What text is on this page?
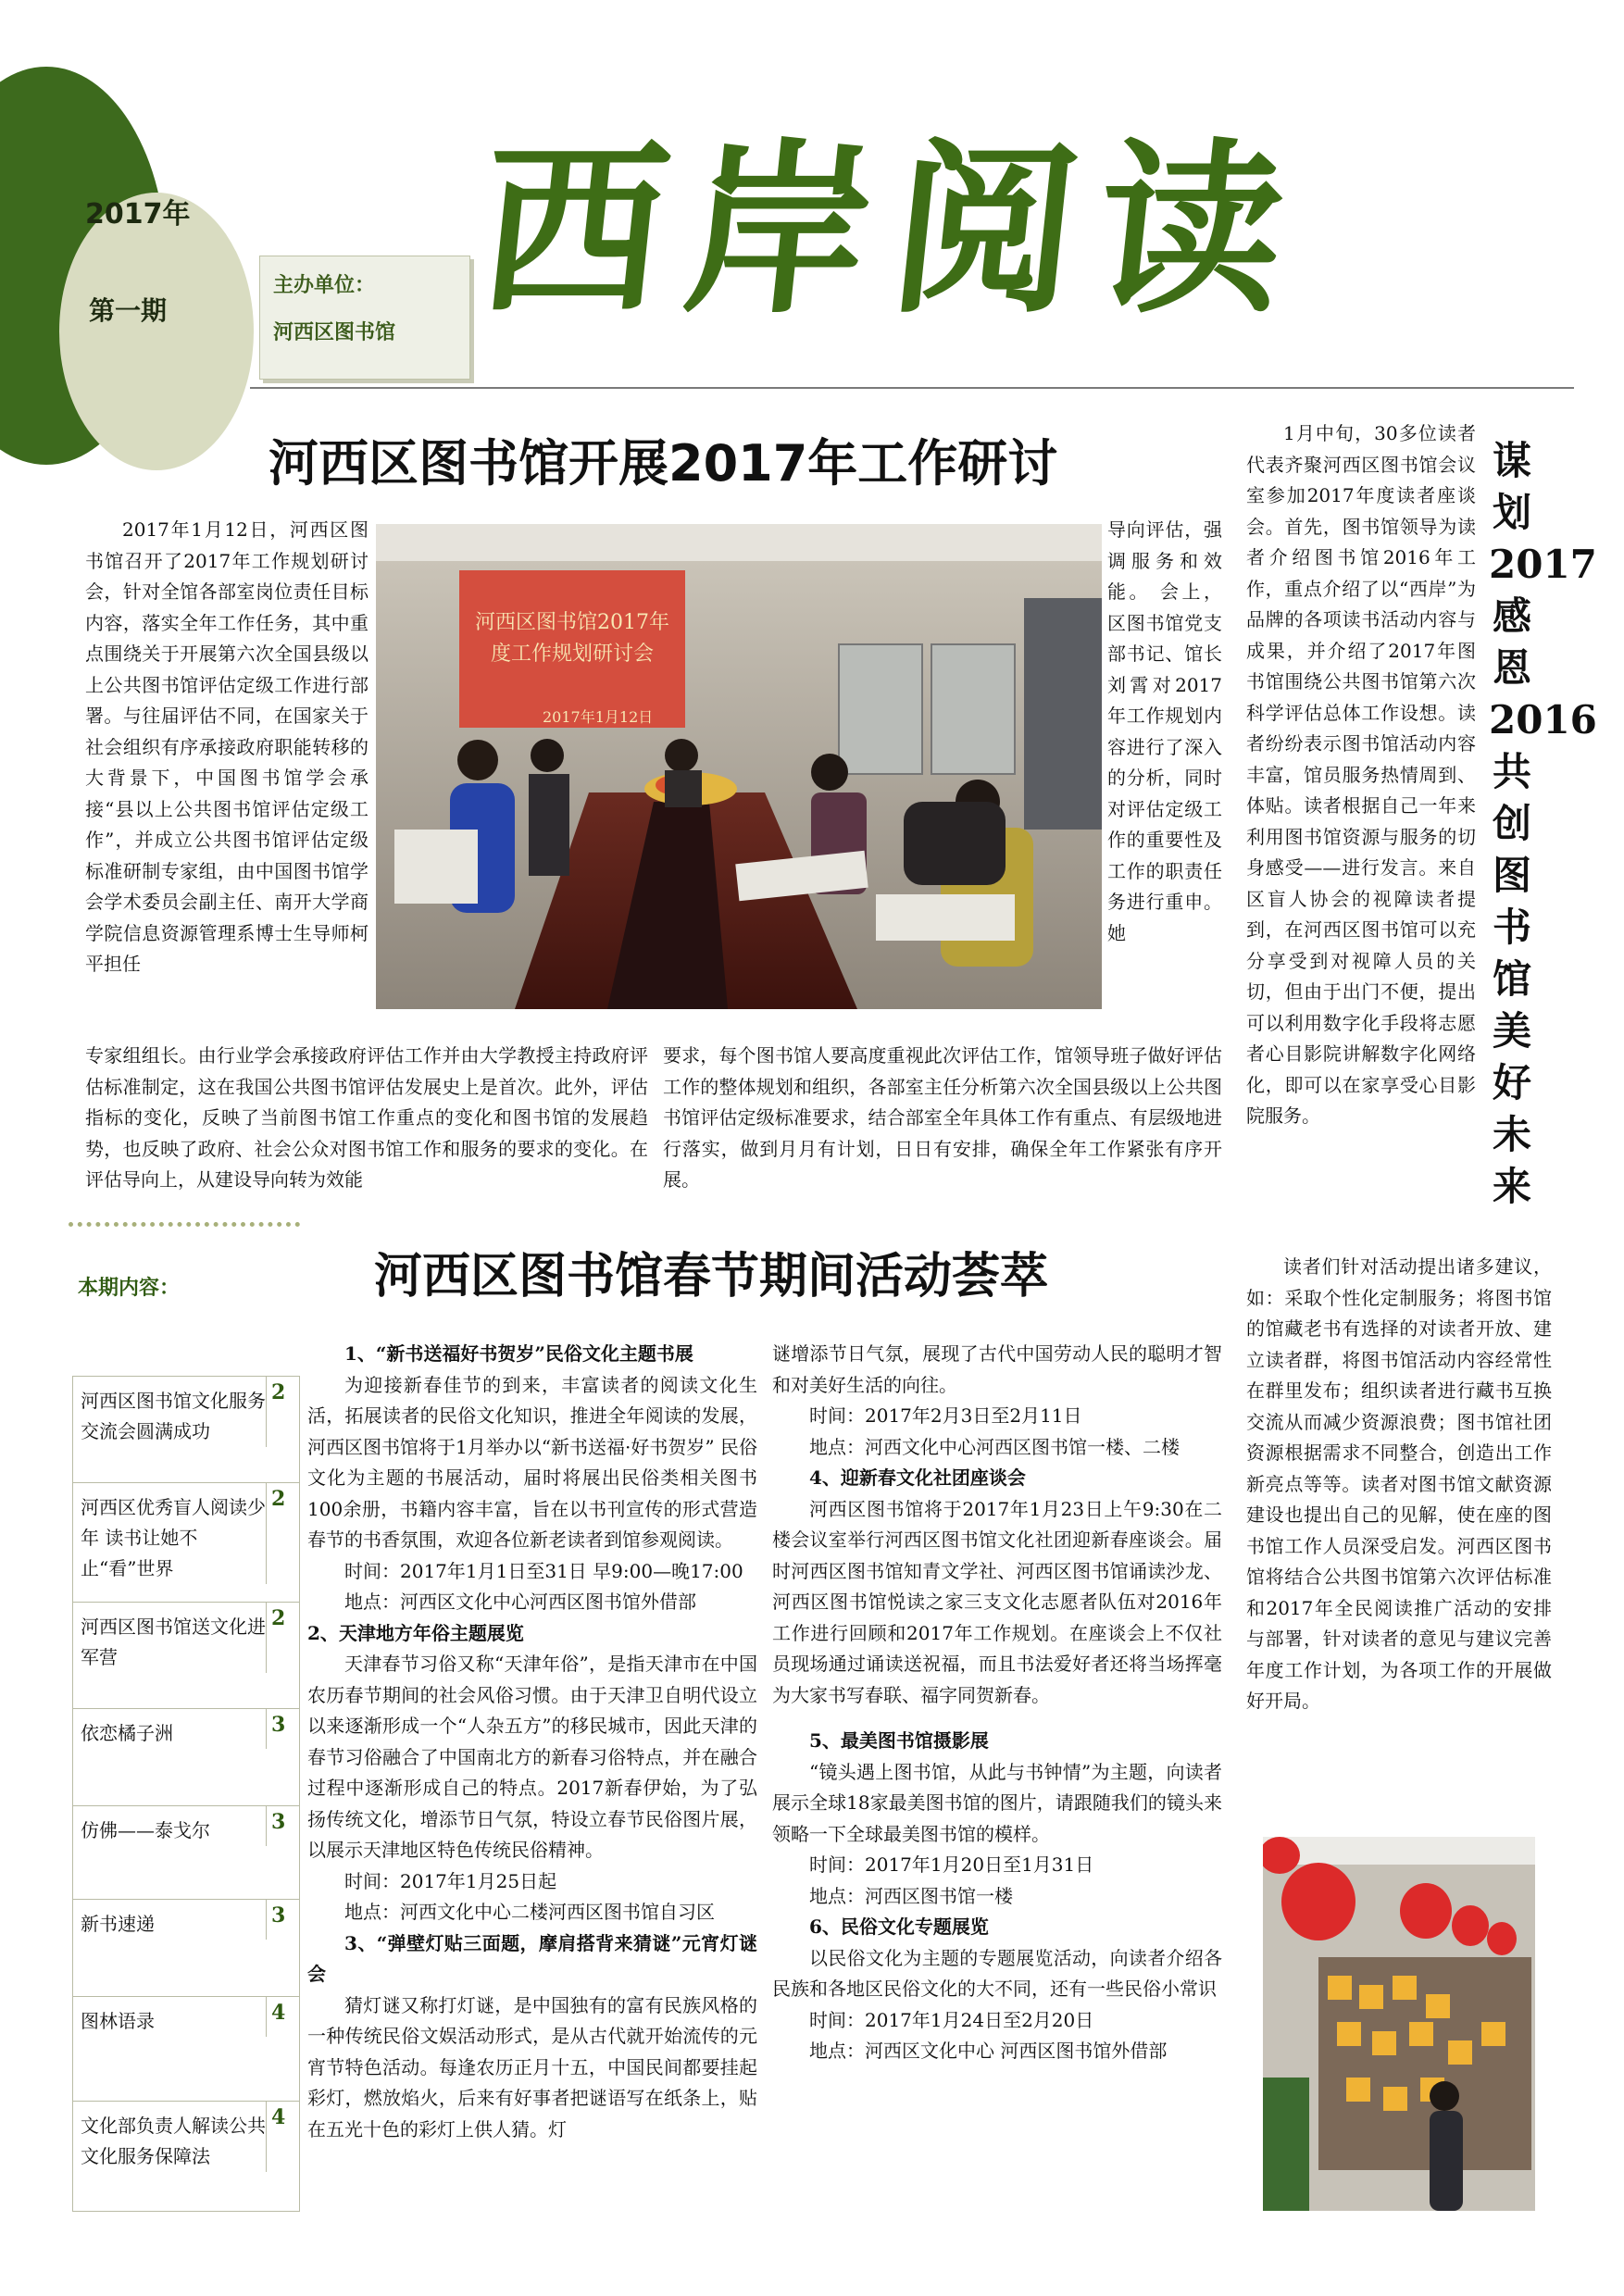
2017年
第一期
主办单位：
河西区图书馆 西岸阅读
河西区图书馆开展2017年工作研讨

2017年1月12日，河西区图书馆召开了2017年工作规划研讨会，针对全馆各部室岗位责任目标内容，落实全年工作任务，其中重点围绕关于开展第六次全国县级以上公共图书馆评估定级工作进行部署。与往届评估不同，在国家关于社会组织有序承接政府职能转移的大背景下，中国图书馆学会承接“县以上公共图书馆评估定级工作”，并成立公共图书馆评估定级标准研制专家组，由中国图书馆学会学术委员会副主任、南开大学商学院信息资源管理系博士生导师柯平担任

河西区图书馆2017年度工作规划研讨会
2017年1月12日

导向评估，强调服务和效能。 会上，区图书馆党支部书记、馆长刘霄对2017年工作规划内容进行了深入的分析，同时对评估定级工作的重要性及工作的职责任务进行重申。她

专家组组长。由行业学会承接政府评估工作并由大学教授主持政府评估标准制定，这在我国公共图书馆评估发展史上是首次。此外，评估指标的变化，反映了当前图书馆工作重点的变化和图书馆的发展趋势，也反映了政府、社会公众对图书馆工作和服务的要求的变化。在评估导向上，从建设导向转为效能

要求，每个图书馆人要高度重视此次评估工作，馆领导班子做好评估工作的整体规划和组织，各部室主任分析第六次全国县级以上公共图书馆评估定级标准要求，结合部室全年具体工作有重点、有层级地进行落实，做到月月有计划，日日有安排，确保全年工作紧张有序开展。

1月中旬，30多位读者代表齐聚河西区图书馆会议室参加2017年度读者座谈会。首先，图书馆领导为读者介绍图书馆2016年工作，重点介绍了以“西岸”为品牌的各项读书活动内容与成果，并介绍了2017年图书馆围绕公共图书馆第六次科学评估总体工作设想。读者纷纷表示图书馆活动内容丰富，馆员服务热情周到、体贴。读者根据自己一年来利用图书馆资源与服务的切身感受——进行发言。来自区盲人协会的视障读者提到，在河西区图书馆可以充分享受到对视障人员的关切，但由于出门不便，提出可以利用数字化手段将志愿者心目影院讲解数字化网络化，即可以在家享受心目影院服务。

谋划2017感恩2016共创图书馆美好未来

读者们针对活动提出诸多建议，如：采取个性化定制服务；将图书馆的馆藏老书有选择的对读者开放、建立读者群，将图书馆活动内容经常性在群里发布；组织读者进行藏书互换交流从而减少资源浪费；图书馆社团资源根据需求不同整合，创造出工作新亮点等等。读者对图书馆文献资源建设也提出自己的见解，使在座的图书馆工作人员深受启发。河西区图书馆将结合公共图书馆第六次评估标准和2017年全民阅读推广活动的安排与部署，针对读者的意见与建议完善年度工作计划，为各项工作的开展做好开局。

本期内容：
河西区图书馆文化服务交流会圆满成功
2
河西区优秀盲人阅读少年 读书让她不止“看”世界
2
河西区图书馆送文化进军营
2
依恋橘子洲	3
仿佛——泰戈尔	3
新书速递	3
图林语录	4
文化部负责人解读公共文化服务保障法
4
河西区图书馆春节期间活动荟萃

1、“新书送福好书贺岁”民俗文化主题书展

为迎接新春佳节的到来，丰富读者的阅读文化生活，拓展读者的民俗文化知识，推进全年阅读的发展，河西区图书馆将于1月举办以“新书送福·好书贺岁” 民俗文化为主题的书展活动，届时将展出民俗类相关图书100余册，书籍内容丰富，旨在以书刊宣传的形式营造春节的书香氛围，欢迎各位新老读者到馆参观阅读。

时间：2017年1月1日至31日 早9:00—晚17:00

地点：河西区文化中心河西区图书馆外借部

2、天津地方年俗主题展览

天津春节习俗又称“天津年俗”，是指天津市在中国农历春节期间的社会风俗习惯。由于天津卫自明代设立以来逐渐形成一个“人杂五方”的移民城市，因此天津的春节习俗融合了中国南北方的新春习俗特点，并在融合过程中逐渐形成自己的特点。2017新春伊始，为了弘扬传统文化，增添节日气氛，特设立春节民俗图片展，以展示天津地区特色传统民俗精神。

时间：2017年1月25日起

地点：河西文化中心二楼河西区图书馆自习区

3、“弹壁灯贴三面题，摩肩搭背来猜谜”元宵灯谜会

猜灯谜又称打灯谜，是中国独有的富有民族风格的一种传统民俗文娱活动形式，是从古代就开始流传的元宵节特色活动。每逢农历正月十五，中国民间都要挂起彩灯，燃放焰火，后来有好事者把谜语写在纸条上，贴在五光十色的彩灯上供人猜。灯

谜增添节日气氛，展现了古代中国劳动人民的聪明才智和对美好生活的向往。

时间：2017年2月3日至2月11日

地点：河西文化中心河西区图书馆一楼、二楼

4、迎新春文化社团座谈会

河西区图书馆将于2017年1月23日上午9:30在二楼会议室举行河西区图书馆文化社团迎新春座谈会。届时河西区图书馆知青文学社、河西区图书馆诵读沙龙、河西区图书馆悦读之家三支文化志愿者队伍对2016年工作进行回顾和2017年工作规划。在座谈会上不仅社员现场通过诵读送祝福，而且书法爱好者还将当场挥毫为大家书写春联、福字同贺新春。

5、最美图书馆摄影展

“镜头遇上图书馆，从此与书钟情”为主题，向读者展示全球18家最美图书馆的图片，请跟随我们的镜头来领略一下全球最美图书馆的模样。

时间：2017年1月20日至1月31日

地点：河西区图书馆一楼

6、民俗文化专题展览

以民俗文化为主题的专题展览活动，向读者介绍各民族和各地区民俗文化的大不同，还有一些民俗小常识

时间：2017年1月24日至2月20日

地点：河西区文化中心 河西区图书馆外借部
